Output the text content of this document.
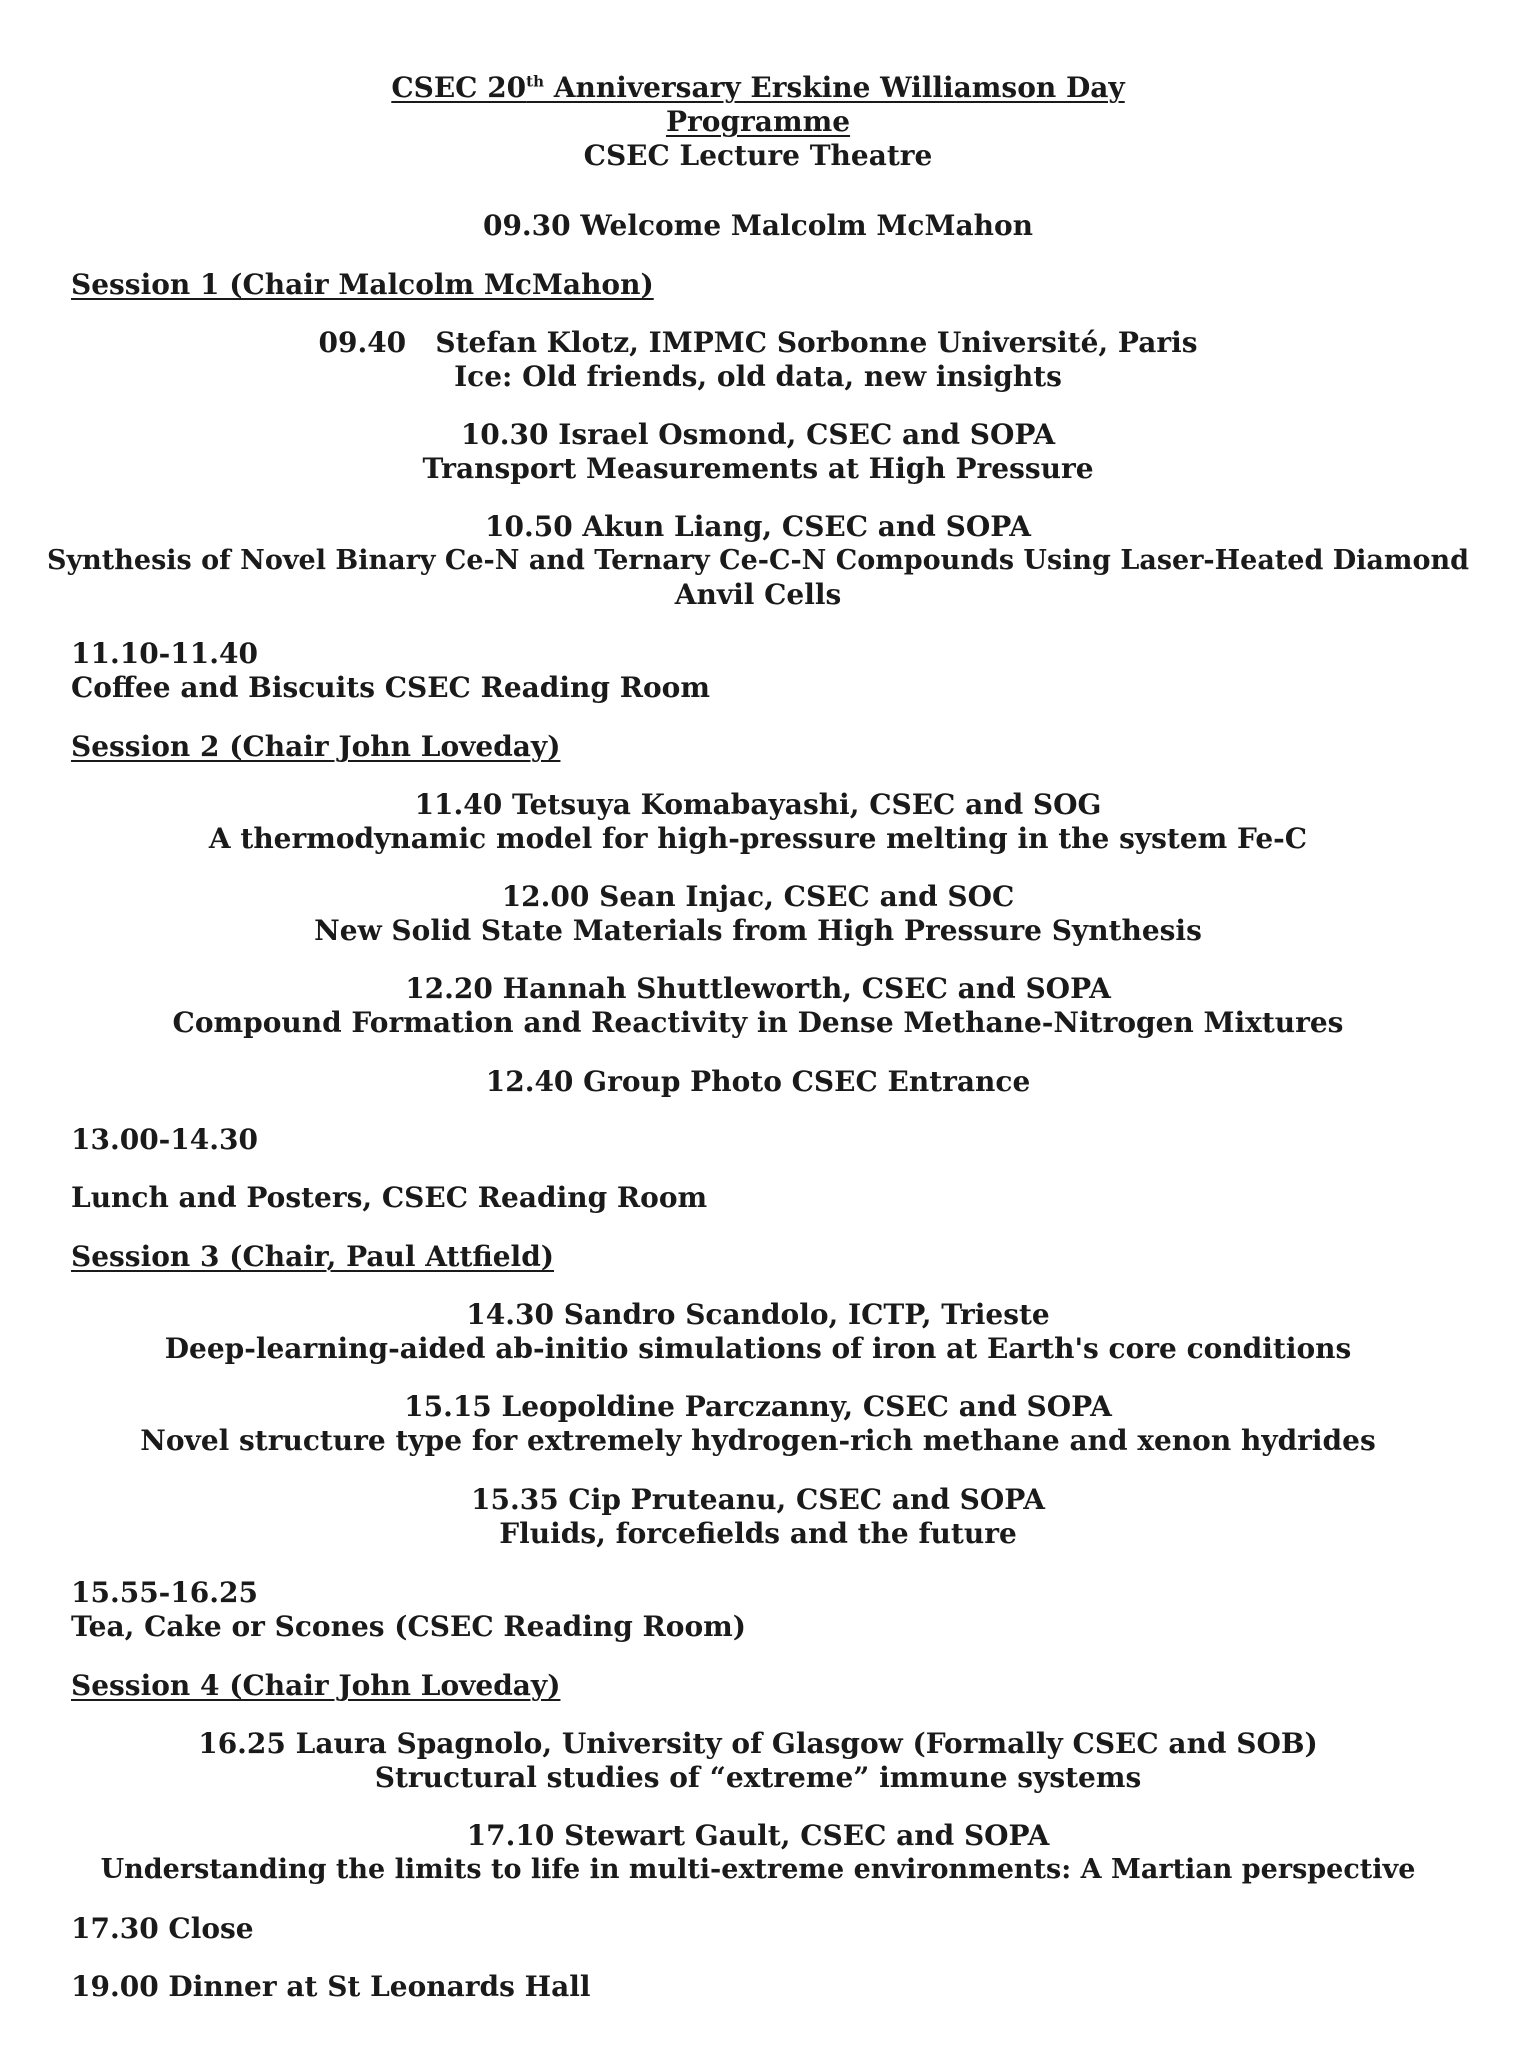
CSEC 20th Anniversary Erskine Williamson Day
Programme
CSEC Lecture Theatre
09.30 Welcome Malcolm McMahon
Session 1 (Chair Malcolm McMahon)
09.40   Stefan Klotz, IMPMC Sorbonne Université, Paris
Ice: Old friends, old data, new insights
10.30 Israel Osmond, CSEC and SOPA
Transport Measurements at High Pressure
10.50 Akun Liang, CSEC and SOPA
Synthesis of Novel Binary Ce-N and Ternary Ce-C-N Compounds Using Laser-Heated Diamond
Anvil Cells
11.10-11.40
Coffee and Biscuits CSEC Reading Room
Session 2 (Chair John Loveday)
11.40 Tetsuya Komabayashi, CSEC and SOG
A thermodynamic model for high-pressure melting in the system Fe-C
12.00 Sean Injac, CSEC and SOC
New Solid State Materials from High Pressure Synthesis
12.20 Hannah Shuttleworth, CSEC and SOPA
Compound Formation and Reactivity in Dense Methane-Nitrogen Mixtures
12.40 Group Photo CSEC Entrance
13.00-14.30
Lunch and Posters, CSEC Reading Room
Session 3 (Chair, Paul Attfield)
14.30 Sandro Scandolo, ICTP, Trieste
Deep-learning-aided ab-initio simulations of iron at Earth's core conditions
15.15 Leopoldine Parczanny, CSEC and SOPA
Novel structure type for extremely hydrogen-rich methane and xenon hydrides
15.35 Cip Pruteanu, CSEC and SOPA
Fluids, forcefields and the future
15.55-16.25
Tea, Cake or Scones (CSEC Reading Room)
Session 4 (Chair John Loveday)
16.25 Laura Spagnolo, University of Glasgow (Formally CSEC and SOB)
Structural studies of “extreme” immune systems
17.10 Stewart Gault, CSEC and SOPA
Understanding the limits to life in multi-extreme environments: A Martian perspective
17.30 Close
19.00 Dinner at St Leonards Hall
